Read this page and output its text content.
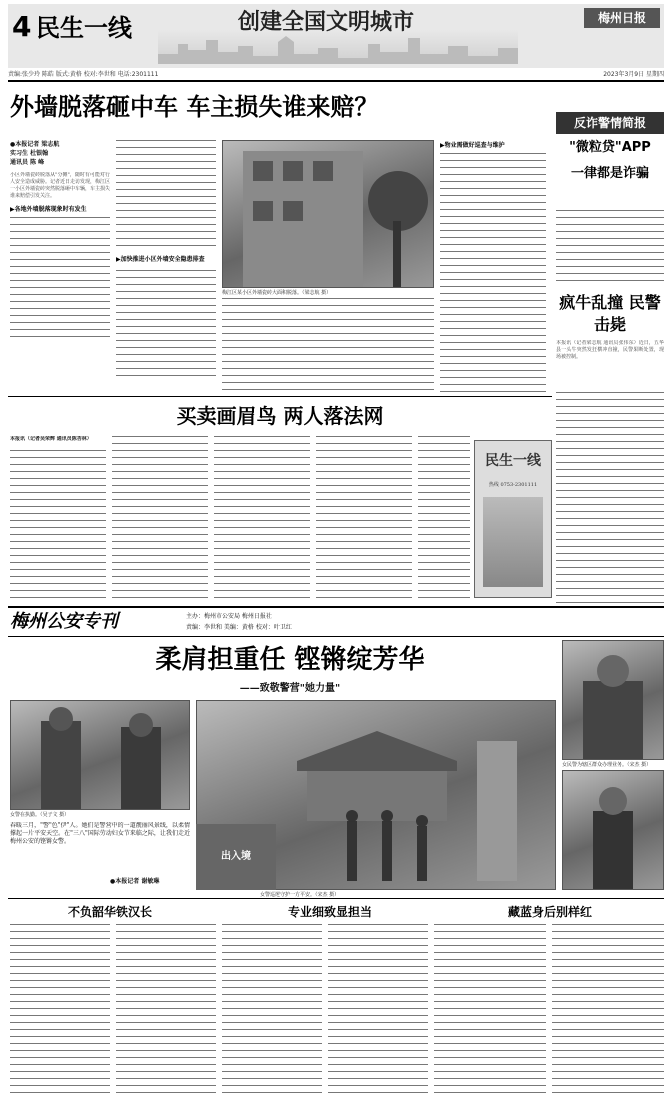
4 民生一线	创建全国文明城市	梅州日报
责编:张少玲 陈皓 版式:黄格 校对:李世和 电话:2301111	2023年3月9日 星期四
外墙脱落砸中车 车主损失谁来赔？
●本报记者 梁志航
实习生 杜银翰
通讯员 陈 峰

小区外墙瓷砖脱落从"分摊"，随时有可能对行人安全造成威胁。记者近日走访发现，梅江区一小区外墙瓷砖突然脱落砸中车辆，车主损失谁来赔偿引发关注。

▶各地外墙脱落现象时有发生
▶加快推进小区外墙安全隐患排查
梅江区某小区外墙瓷砖大面积脱落。（梁志航 摄）
▶物业需做好巡查与维护
反诈警情简报
"微粒贷"APP
一律都是诈骗
疯牛乱撞 民警击毙
本报讯（记者梁志航 通讯员张伟东）近日，五华县一头牛突然发狂横冲直撞，民警果断处置，现场被控制。
买卖画眉鸟 两人落法网
本报讯（记者吴荣辉 通讯员陈杏林）
民生一线
热线 0753-2301111
梅州公安专刊	主办：梅州市公安局 梅州日报社
责编：李世和 美编：黄格 校对：叶卫红
柔肩担重任 铿锵绽芳华
——致敬警营"她力量"
女警在执勤。（吴子文 摄）
女警巡逻守护一方平安。（宋杰 摄）
女民警为辖区群众办理业务。（宋杰 摄）
春暖三月，"警"色"伊"人。她们是警营中的一道靓丽风景线，以柔情撑起一片平安天空。在"三八"国际劳动妇女节来临之际，让我们走近梅州公安的铿锵女警。
●本报记者 谢敏琳
出入境
不负韶华铁汉长	专业细致显担当	藏蓝身后别样红
